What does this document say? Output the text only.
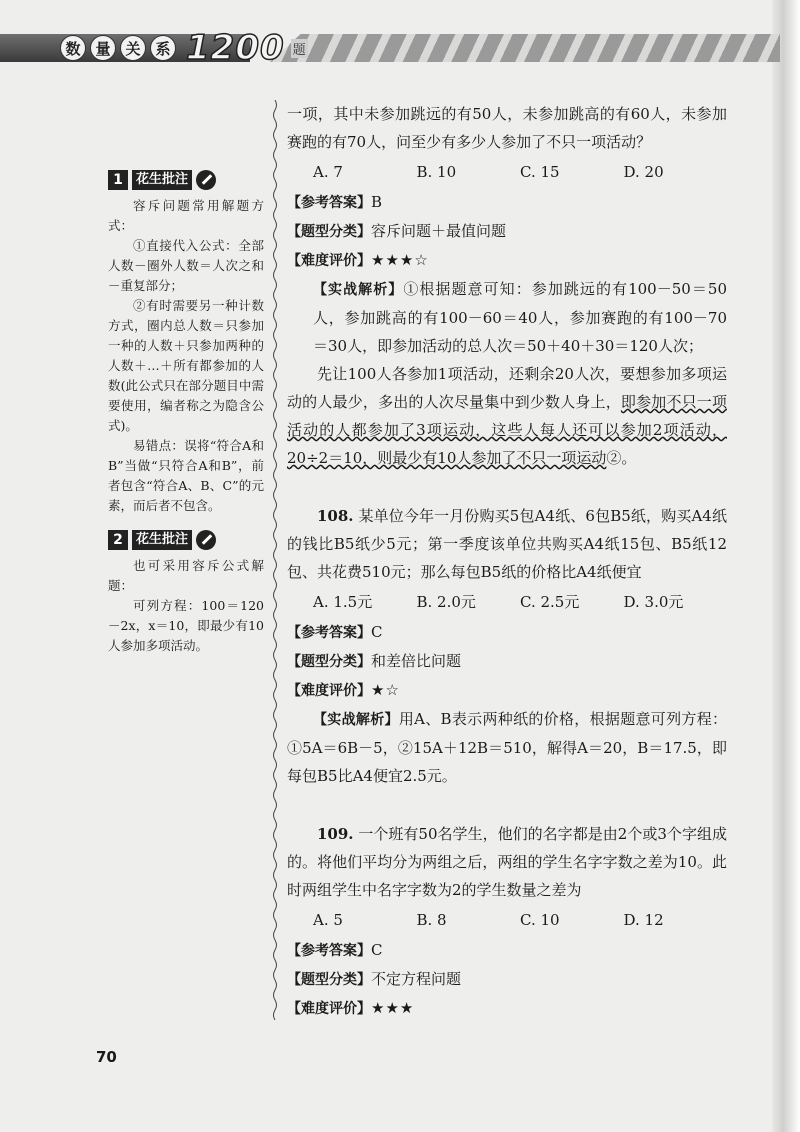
数 量 关 系 1200 题
1	花生批注

容斥问题常用解题方式：

①直接代入公式：全部人数－圈外人数＝人次之和－重复部分；

②有时需要另一种计数方式，圈内总人数＝只参加一种的人数＋只参加两种的人数＋…＋所有都参加的人数(此公式只在部分题目中需要使用，编者称之为隐含公式)。

易错点：误将“符合A和B”当做“只符合A和B”，前者包含“符合A、B、C”的元素，而后者不包含。

2	花生批注

也可采用容斥公式解题：

可列方程：100＝120－2x，x＝10，即最少有10人参加多项活动。

一项，其中未参加跳远的有50人，未参加跳高的有60人，未参加赛跑的有70人，问至少有多少人参加了不只一项活动？

A. 7	B. 10	C. 15	D. 20

【参考答案】B

【题型分类】容斥问题＋最值问题

【难度评价】★★★☆

【实战解析】①根据题意可知：参加跳远的有100－50＝50人，参加跳高的有100－60＝40人，参加赛跑的有100－70＝30人，即参加活动的总人次＝50＋40＋30＝120人次；

先让100人各参加1项活动，还剩余20人次，要想参加多项运动的人最少，多出的人次尽量集中到少数人身上，即参加不只一项活动的人都参加了3项运动，这些人每人还可以参加2项活动，20÷2＝10，则最少有10人参加了不只一项运动②。

108. 某单位今年一月份购买5包A4纸、6包B5纸，购买A4纸的钱比B5纸少5元；第一季度该单位共购买A4纸15包、B5纸12包、共花费510元；那么每包B5纸的价格比A4纸便宜

A. 1.5元	B. 2.0元	C. 2.5元	D. 3.0元

【参考答案】C

【题型分类】和差倍比问题

【难度评价】★☆

【实战解析】用A、B表示两种纸的价格，根据题意可列方程：①5A＝6B－5，②15A＋12B＝510，解得A＝20，B＝17.5，即每包B5比A4便宜2.5元。

109. 一个班有50名学生，他们的名字都是由2个或3个字组成的。将他们平均分为两组之后，两组的学生名字字数之差为10。此时两组学生中名字字数为2的学生数量之差为

A. 5	B. 8	C. 10	D. 12

【参考答案】C

【题型分类】不定方程问题

【难度评价】★★★

70
